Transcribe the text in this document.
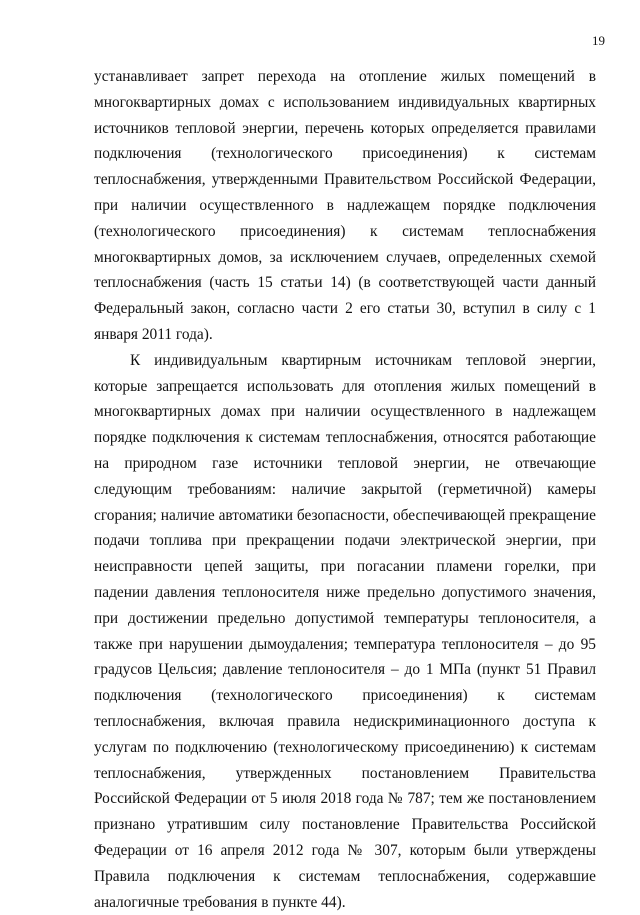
19

устанавливает запрет перехода на отопление жилых помещений в многоквартирных домах с использованием индивидуальных квартирных источников тепловой энергии, перечень которых определяется правилами подключения (технологического присоединения) к системам теплоснабжения, утвержденными Правительством Российской Федерации, при наличии осуществленного в надлежащем порядке подключения (технологического присоединения) к системам теплоснабжения многоквартирных домов, за исключением случаев, определенных схемой теплоснабжения (часть 15 статьи 14) (в соответствующей части данный Федеральный закон, согласно части 2 его статьи 30, вступил в силу с 1 января 2011 года).

К индивидуальным квартирным источникам тепловой энергии, которые запрещается использовать для отопления жилых помещений в многоквартирных домах при наличии осуществленного в надлежащем порядке подключения к системам теплоснабжения, относятся работающие на природном газе источники тепловой энергии, не отвечающие следующим требованиям: наличие закрытой (герметичной) камеры сгорания; наличие автоматики безопасности, обеспечивающей прекращение подачи топлива при прекращении подачи электрической энергии, при неисправности цепей защиты, при погасании пламени горелки, при падении давления теплоносителя ниже предельно допустимого значения, при достижении предельно допустимой температуры теплоносителя, а также при нарушении дымоудаления; температура теплоносителя – до 95 градусов Цельсия; давление теплоносителя – до 1 МПа (пункт 51 Правил подключения (технологического присоединения) к системам теплоснабжения, включая правила недискриминационного доступа к услугам по подключению (технологическому присоединению) к системам теплоснабжения, утвержденных постановлением Правительства Российской Федерации от 5 июля 2018 года № 787; тем же постановлением признано утратившим силу постановление Правительства Российской Федерации от 16 апреля 2012 года № 307, которым были утверждены Правила подключения к системам теплоснабжения, содержавшие аналогичные требования в пункте 44).
